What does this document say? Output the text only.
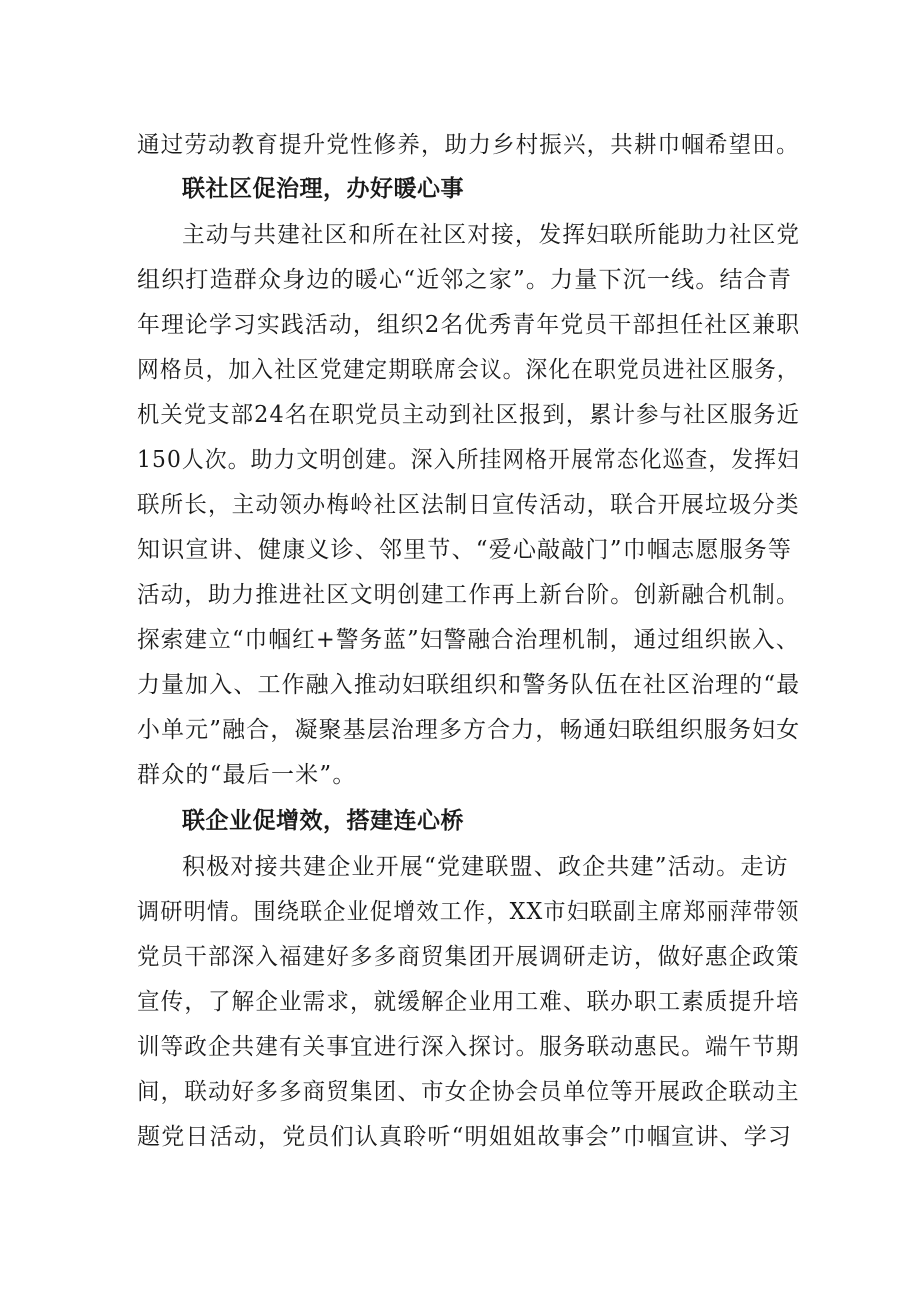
通过劳动教育提升党性修养，助力乡村振兴，共耕巾帼希望田。
联社区促治理，办好暖心事
主动与共建社区和所在社区对接，发挥妇联所能助力社区党
组织打造群众身边的暖心“近邻之家”。力量下沉一线。结合青
年理论学习实践活动，组织2名优秀青年党员干部担任社区兼职
网格员，加入社区党建定期联席会议。深化在职党员进社区服务，
机关党支部24名在职党员主动到社区报到，累计参与社区服务近
150人次。助力文明创建。深入所挂网格开展常态化巡查，发挥妇
联所长，主动领办梅岭社区法制日宣传活动，联合开展垃圾分类
知识宣讲、健康义诊、邻里节、“爱心敲敲门”巾帼志愿服务等
活动，助力推进社区文明创建工作再上新台阶。创新融合机制。
探索建立“巾帼红+警务蓝”妇警融合治理机制，通过组织嵌入、
力量加入、工作融入推动妇联组织和警务队伍在社区治理的“最
小单元”融合，凝聚基层治理多方合力，畅通妇联组织服务妇女
群众的“最后一米”。
联企业促增效，搭建连心桥
积极对接共建企业开展“党建联盟、政企共建”活动。走访
调研明情。围绕联企业促增效工作，XX市妇联副主席郑丽萍带领
党员干部深入福建好多多商贸集团开展调研走访，做好惠企政策
宣传，了解企业需求，就缓解企业用工难、联办职工素质提升培
训等政企共建有关事宜进行深入探讨。服务联动惠民。端午节期
间，联动好多多商贸集团、市女企协会员单位等开展政企联动主
题党日活动，党员们认真聆听“明姐姐故事会”巾帼宣讲、学习
